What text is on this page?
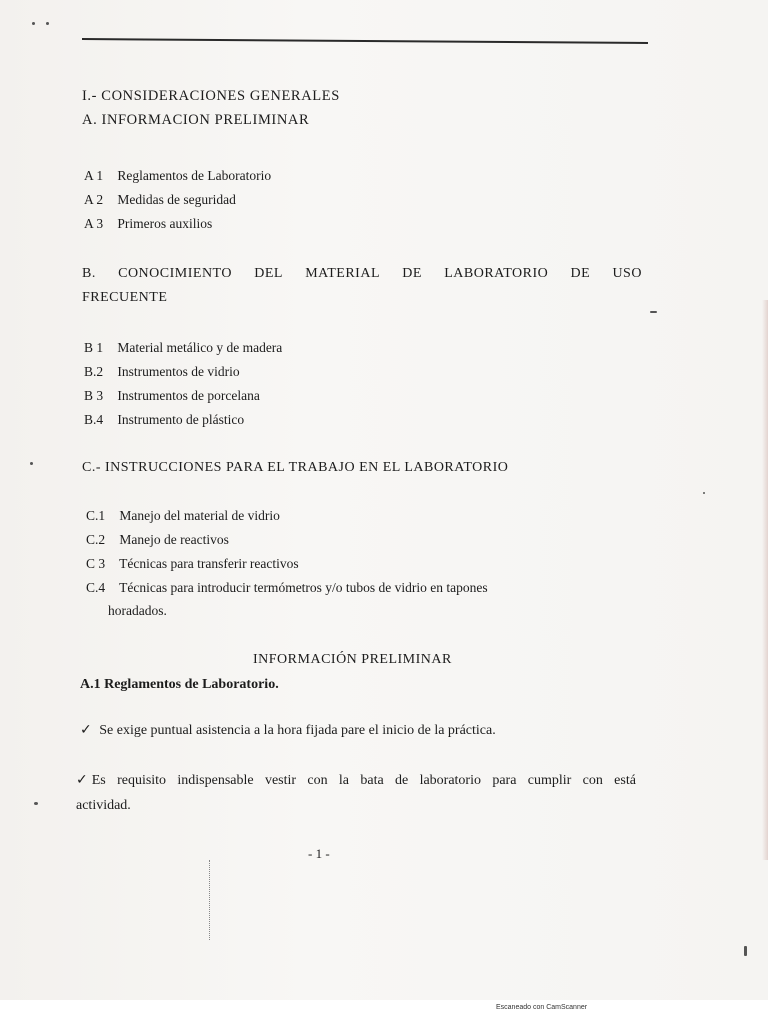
I.- CONSIDERACIONES GENERALES
A. INFORMACION PRELIMINAR
A 1 Reglamentos de Laboratorio
A 2 Medidas de seguridad
A 3 Primeros auxilios
B. CONOCIMIENTO DEL MATERIAL DE LABORATORIO DE USO
FRECUENTE
B 1 Material metálico y de madera
B.2 Instrumentos de vidrio
B 3 Instrumentos de porcelana
B.4 Instrumento de plástico
C.- INSTRUCCIONES PARA EL TRABAJO EN EL LABORATORIO
C.1 Manejo del material de vidrio
C.2 Manejo de reactivos
C 3 Técnicas para transferir reactivos
C.4 Técnicas para introducir termómetros y/o tubos de vidrio en tapones
horadados.
INFORMACIÓN PRELIMINAR
A.1 Reglamentos de Laboratorio.
✓ Se exige puntual asistencia a la hora fijada pare el inicio de la práctica.
✓ Es requisito indispensable vestir con la bata de laboratorio para cumplir con está
actividad.
- 1 -
Escaneado con CamScanner
